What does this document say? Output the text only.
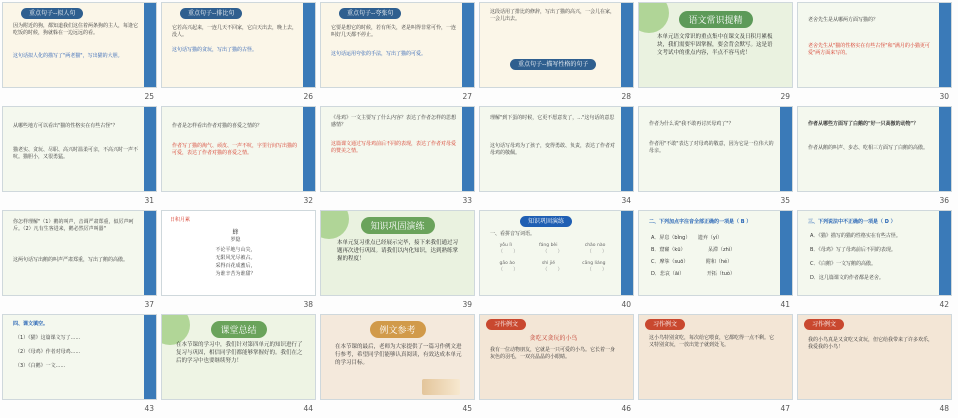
重点句子--拟人句
因为附近的狗，都知道我们这住着两条狗的主人，每逢它吃饭的时候，狗就躲在一边远远的看。
这句话拟人化的描写了"两老猫"，写出猫的大胆。
25
重点句子--排比句
它若高兴起来，一连几天不回家，它白天出去，晚上去，没人。
这句话写猫的贪玩，写出了猫的古怪。
26
重点句子--夸张句
它要是想它的时候，若有所失，老是叫得非常可怜，一连叫好几天都不停止。
这句话运用夸张的手法，写出了猫的可爱。
27
这段话用了排比的修辞，写出了猫的高兴，一会儿在家，一会儿出去。
重点句子--描写性格的句子
28
语文常识提精
本单元语文常识的重点集中在课文及日积月累板块，我们需要牢固掌握，要会背会默写。这是语文考试中的重点内容，半点不容马虎！
29
老舍先生是从哪两方面写猫的？
老舍先生从"猫的性格实在有些古怪"和"满月的小猫更可爱"两方面来写的。
30
从哪些地方可以看出"猫的性格实在有些古怪"？
猫老实、贪玩、尽职、高兴时温柔可亲，不高兴时一声不吭。猫胆小，又很勇猛。
31
作者是怎样看出作者对猫的喜爱之情的？
作者写了猫的淘气、顽皮、一声不吭，字里行间写出猫的可爱，表达了作者对猫的喜爱之情。
32
《母鸡》一文主要写了什么内容？表达了作者怎样的思想感情？
这篇课文通过写母鸡前后不同的表现，表达了作者对母爱的赞美之情。
33
理解"到下蛋的时候，它更不愿意发了，..."这句话的意思
这句话写母鸡为了孩子，变得勇敢、负责，表达了作者对母鸡的敬佩。
34
作者为什么说"我不敢再讨厌母鸡了"？
作者用"不敢"表达了对母鸡的敬意，因为它是一位伟大的母亲。
35
作者从哪些方面写了白鹅的"好一只高傲的动物"？
作者从鹅的叫声、步态、吃相三方面写了白鹅的高傲。
36
你怎样理解"（1）鹅的叫声，音调严肃郑重，似厉声呵斥。（2）凡有生客进来，鹅必然厉声叫嚣"
这两句话写出鹅的叫声严肃郑重，写出了鹅的高傲。
37
日积月累
蜂
罗隐
不论平地与山尖，
无限风光尽被占。
采得百花成蜜后，
为谁辛苦为谁甜？
38
知识巩固演练
本单元复习重点已经展示完毕，接下来我们通过习题再次进行巩固。请我们以内化知识，达到熟练掌握的程度！
39
知识巩固演练
一、看拼音写词语。
yǒu lì	fáng bèi	chǎo nào
（　　）	（　　）	（　　）
gāo ào	shì jié	cāng liáng
（　　）	（　　）	（　　）
40
二、下列加点字注音全部正确的一项是（ B ）
A．屏息（bǐng）　　遗弃（yí）
B．窟窿（kū）　　　　　呆滞（zhì）
C．摩挲（suō）　　　　附和（hé）
D．悲哀（āi）　　　　　开拓（tuò）
41
三、下列说法中不正确的一项是（ D ）
A．《猫》描写的猫的性格实在有些古怪。
B．《母鸡》写了母鸡前后不同的表现。
C．《白鹅》一文写鹅的高傲。
D．这几篇课文的作者都是老舍。
42
四、课文填空。
（1）《猫》这篇课文写了......
（2）《母鸡》作者对母鸡......
（3）《白鹅》一文......
43
课堂总结
在本节课的学习中，我们针对第四单元的知识进行了复习与巩固，相信同学们都能够掌握好的。我们在之后的学习中也要继续努力！
44
例文参考
在本节课的最后，老师为大家提供了一篇习作例文进行参考，希望同学们能够认真阅读，有效达成本单元的学习目标。
45
习作例文
贪吃又贪玩的小鸟
我有一位动物朋友，它就是一只可爱的小鸟。它长着一身灰色的羽毛，一双亮晶晶的小眼睛。
46
习作例文
这小鸟特别贪吃，每次给它喂食，它都吃得一点不剩。它又特别贪玩，一放出笼子就到处飞。
47
习作例文
我的小鸟真是又贪吃又贪玩，但它给我带来了许多欢乐，我爱我的小鸟！
48
